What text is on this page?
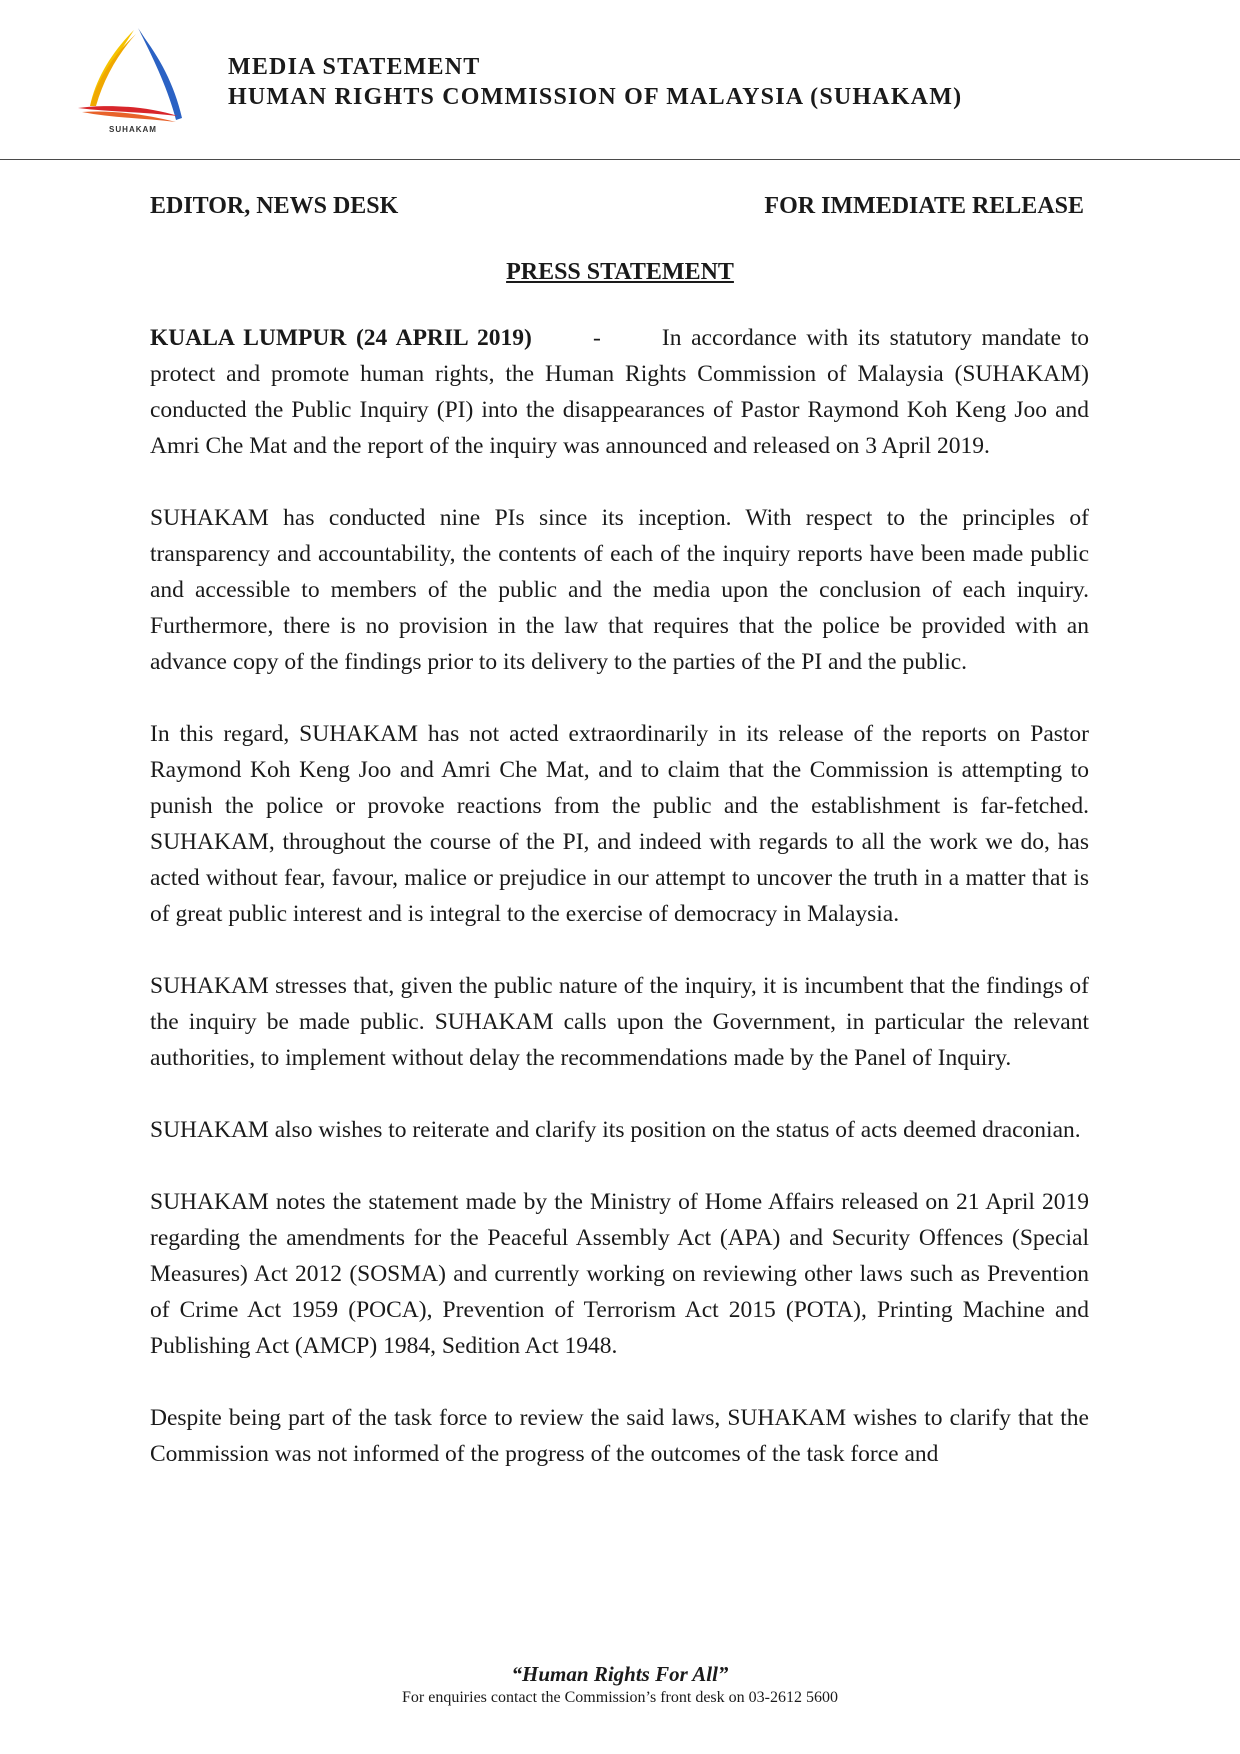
SUHAKAM
MEDIA STATEMENT
HUMAN RIGHTS COMMISSION OF MALAYSIA (SUHAKAM)
EDITOR, NEWS DESK	FOR IMMEDIATE RELEASE
PRESS STATEMENT

KUALA LUMPUR (24 APRIL 2019)	-	In accordance with its statutory mandate to protect and promote human rights, the Human Rights Commission of Malaysia (SUHAKAM) conducted the Public Inquiry (PI) into the disappearances of Pastor Raymond Koh Keng Joo and Amri Che Mat and the report of the inquiry was announced and released on 3 April 2019.

SUHAKAM has conducted nine PIs since its inception. With respect to the principles of transparency and accountability, the contents of each of the inquiry reports have been made public and accessible to members of the public and the media upon the conclusion of each inquiry. Furthermore, there is no provision in the law that requires that the police be provided with an advance copy of the findings prior to its delivery to the parties of the PI and the public.

In this regard, SUHAKAM has not acted extraordinarily in its release of the reports on Pastor Raymond Koh Keng Joo and Amri Che Mat, and to claim that the Commission is attempting to punish the police or provoke reactions from the public and the establishment is far-fetched. SUHAKAM, throughout the course of the PI, and indeed with regards to all the work we do, has acted without fear, favour, malice or prejudice in our attempt to uncover the truth in a matter that is of great public interest and is integral to the exercise of democracy in Malaysia.

SUHAKAM stresses that, given the public nature of the inquiry, it is incumbent that the findings of the inquiry be made public. SUHAKAM calls upon the Government, in particular the relevant authorities, to implement without delay the recommendations made by the Panel of Inquiry.

SUHAKAM also wishes to reiterate and clarify its position on the status of acts deemed draconian.

SUHAKAM notes the statement made by the Ministry of Home Affairs released on 21 April 2019 regarding the amendments for the Peaceful Assembly Act (APA) and Security Offences (Special Measures) Act 2012 (SOSMA) and currently working on reviewing other laws such as Prevention of Crime Act 1959 (POCA), Prevention of Terrorism Act 2015 (POTA), Printing Machine and Publishing Act (AMCP) 1984, Sedition Act 1948.

Despite being part of the task force to review the said laws, SUHAKAM wishes to clarify that the Commission was not informed of the progress of the outcomes of the task force and

“Human Rights For All”
For enquiries contact the Commission’s front desk on 03-2612 5600
